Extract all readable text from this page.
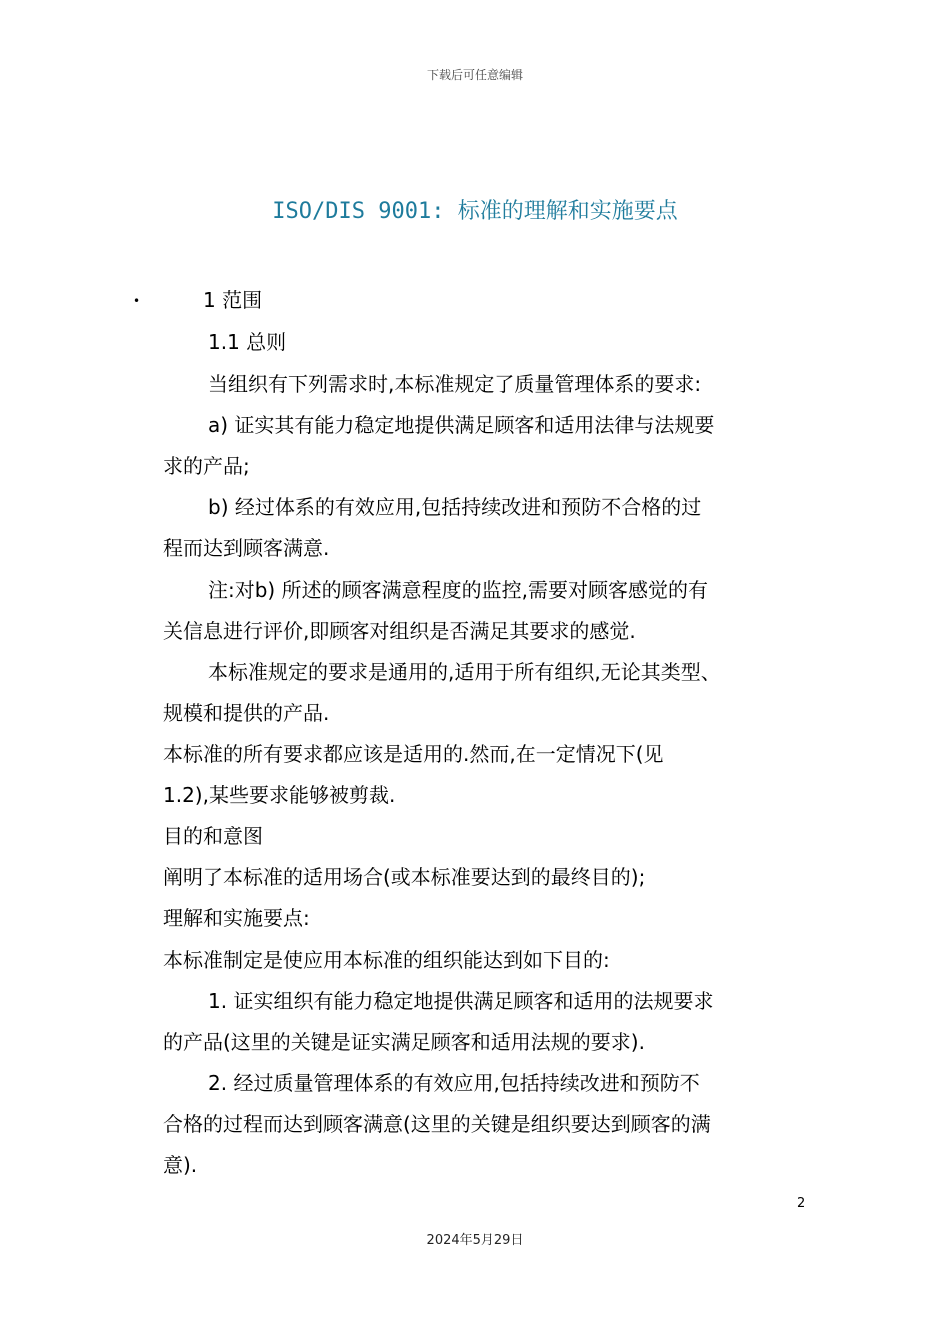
下载后可任意编辑
ISO/DIS 9001: 标准的理解和实施要点
•	1 范围
1.1 总则
当组织有下列需求时,本标准规定了质量管理体系的要求:
a) 证实其有能力稳定地提供满足顾客和适用法律与法规要
求的产品;
b) 经过体系的有效应用,包括持续改进和预防不合格的过
程而达到顾客满意.
注:对b) 所述的顾客满意程度的监控,需要对顾客感觉的有
关信息进行评价,即顾客对组织是否满足其要求的感觉.
本标准规定的要求是通用的,适用于所有组织,无论其类型、
规模和提供的产品.
本标准的所有要求都应该是适用的.然而,在一定情况下(见
1.2),某些要求能够被剪裁.
目的和意图
阐明了本标准的适用场合(或本标准要达到的最终目的);
理解和实施要点:
本标准制定是使应用本标准的组织能达到如下目的:
1. 证实组织有能力稳定地提供满足顾客和适用的法规要求
的产品(这里的关键是证实满足顾客和适用法规的要求).
2. 经过质量管理体系的有效应用,包括持续改进和预防不
合格的过程而达到顾客满意(这里的关键是组织要达到顾客的满
意).
2
2024年5月29日
